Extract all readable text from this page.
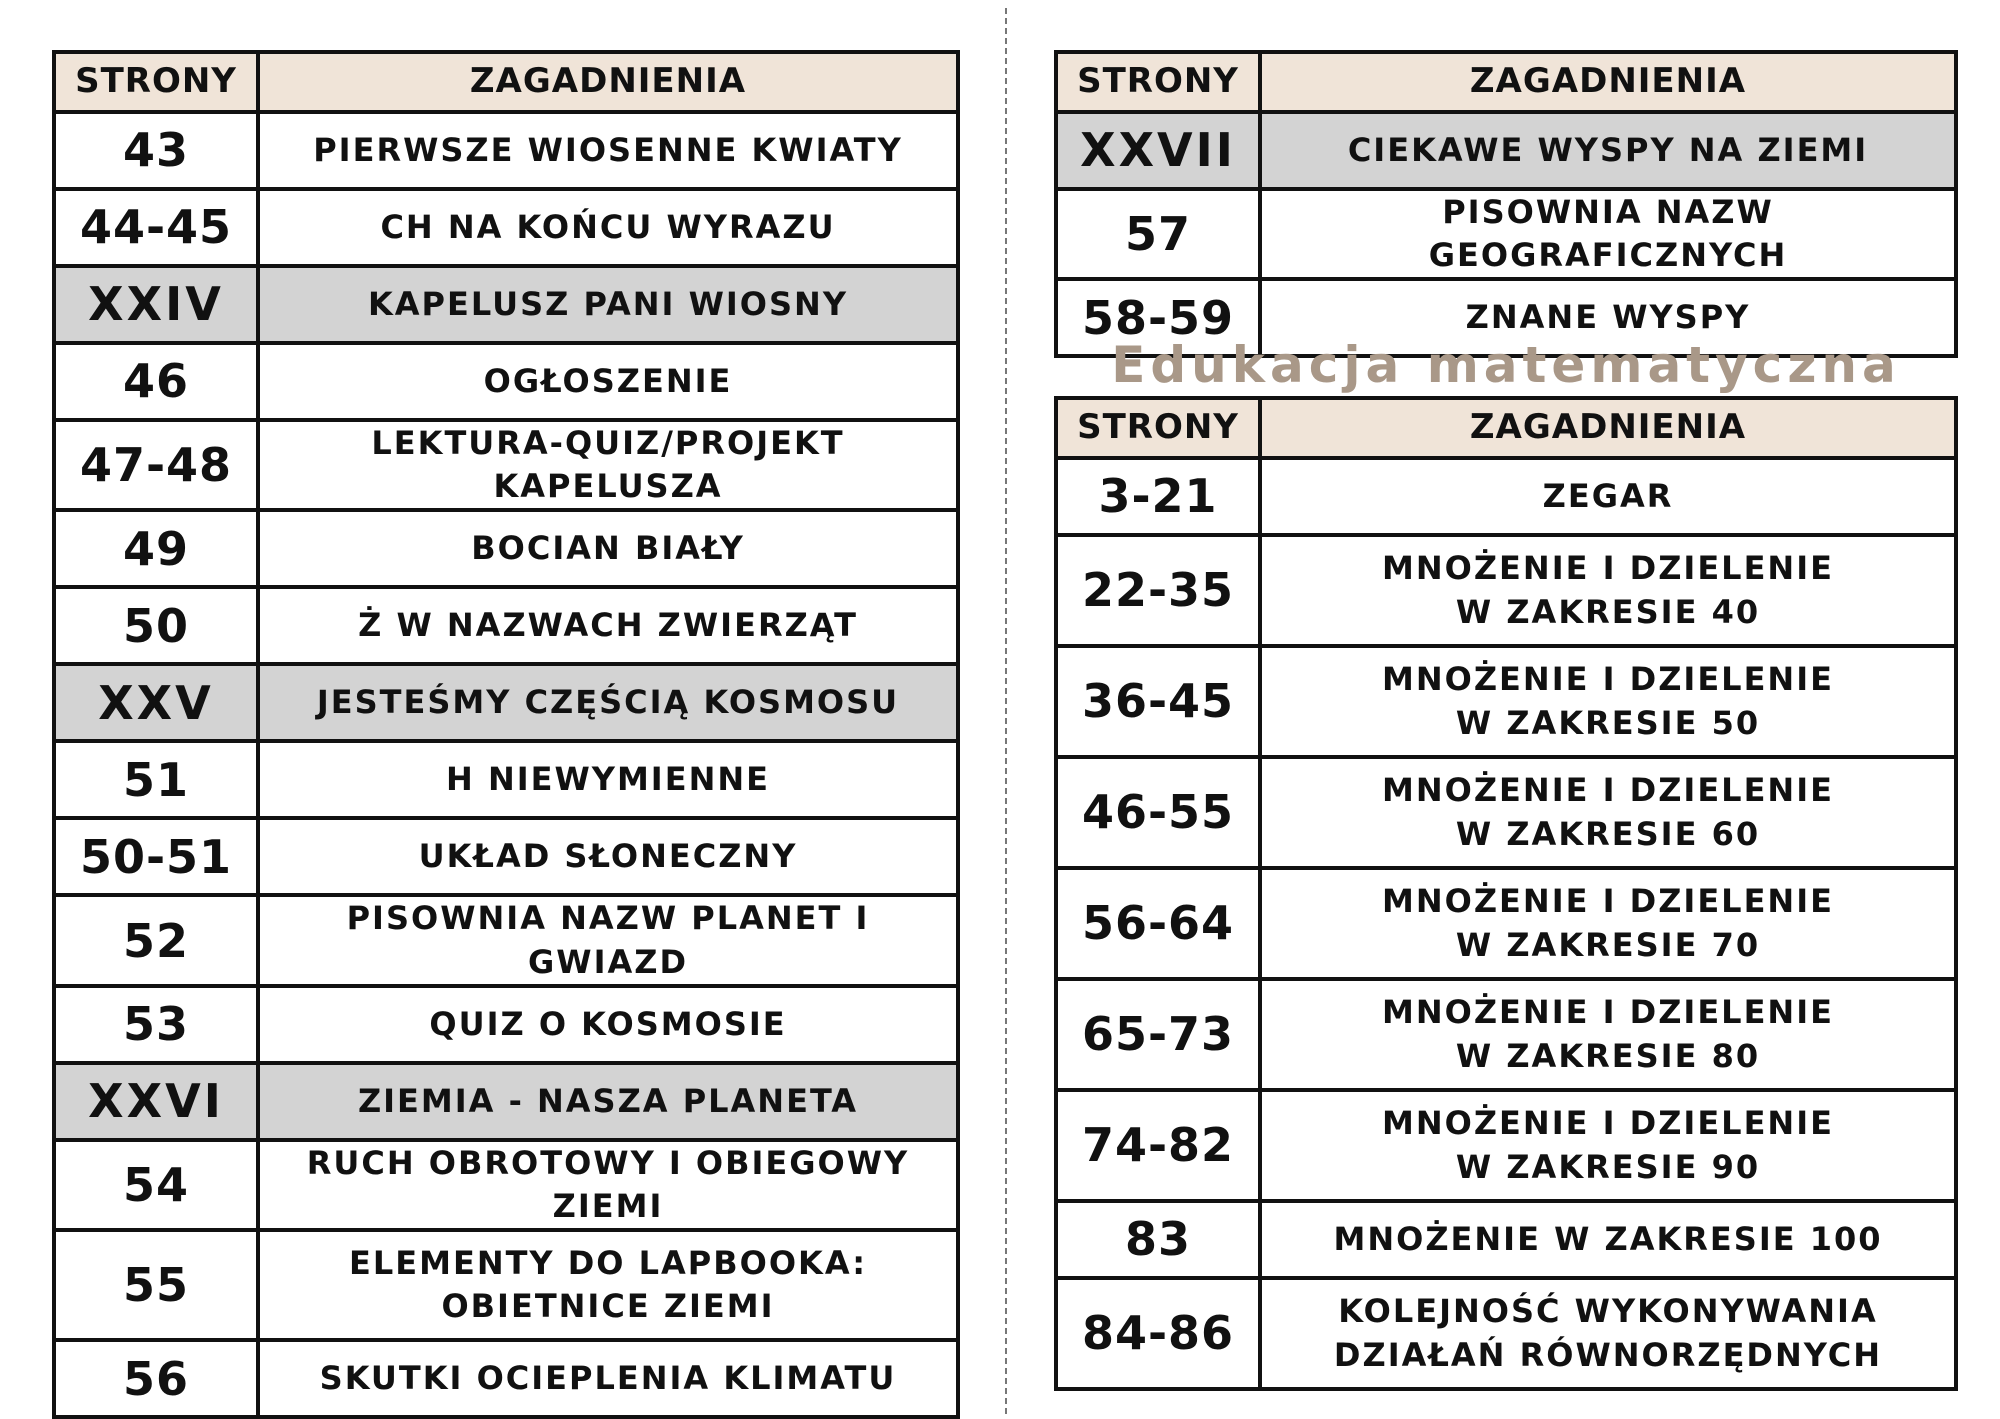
STRONY	ZAGADNIENIA
43	PIERWSZE WIOSENNE KWIATY
44-45	CH NA KOŃCU WYRAZU
XXIV	KAPELUSZ PANI WIOSNY
46	OGŁOSZENIE
47-48	LEKTURA-QUIZ/PROJEKT KAPELUSZA
49	BOCIAN BIAŁY
50	Ż W NAZWACH ZWIERZĄT
XXV	JESTEŚMY CZĘŚCIĄ KOSMOSU
51	H NIEWYMIENNE
50-51	UKŁAD SŁONECZNY
52	PISOWNIA NAZW PLANET I GWIAZD
53	QUIZ O KOSMOSIE
XXVI	ZIEMIA - NASZA PLANETA
54	RUCH OBROTOWY I OBIEGOWY ZIEMI
55	ELEMENTY DO LAPBOOKA:
OBIETNICE ZIEMI
56	SKUTKI OCIEPLENIA KLIMATU
STRONY	ZAGADNIENIA
XXVII	CIEKAWE WYSPY NA ZIEMI
57	PISOWNIA NAZW GEOGRAFICZNYCH
58-59	ZNANE WYSPY
Edukacja matematyczna
STRONY	ZAGADNIENIA
3-21	ZEGAR
22-35	MNOŻENIE I DZIELENIE
W ZAKRESIE 40
36-45	MNOŻENIE I DZIELENIE
W ZAKRESIE 50
46-55	MNOŻENIE I DZIELENIE
W ZAKRESIE 60
56-64	MNOŻENIE I DZIELENIE
W ZAKRESIE 70
65-73	MNOŻENIE I DZIELENIE
W ZAKRESIE 80
74-82	MNOŻENIE I DZIELENIE
W ZAKRESIE 90
83	MNOŻENIE W ZAKRESIE 100
84-86	KOLEJNOŚĆ WYKONYWANIA
DZIAŁAŃ RÓWNORZĘDNYCH
